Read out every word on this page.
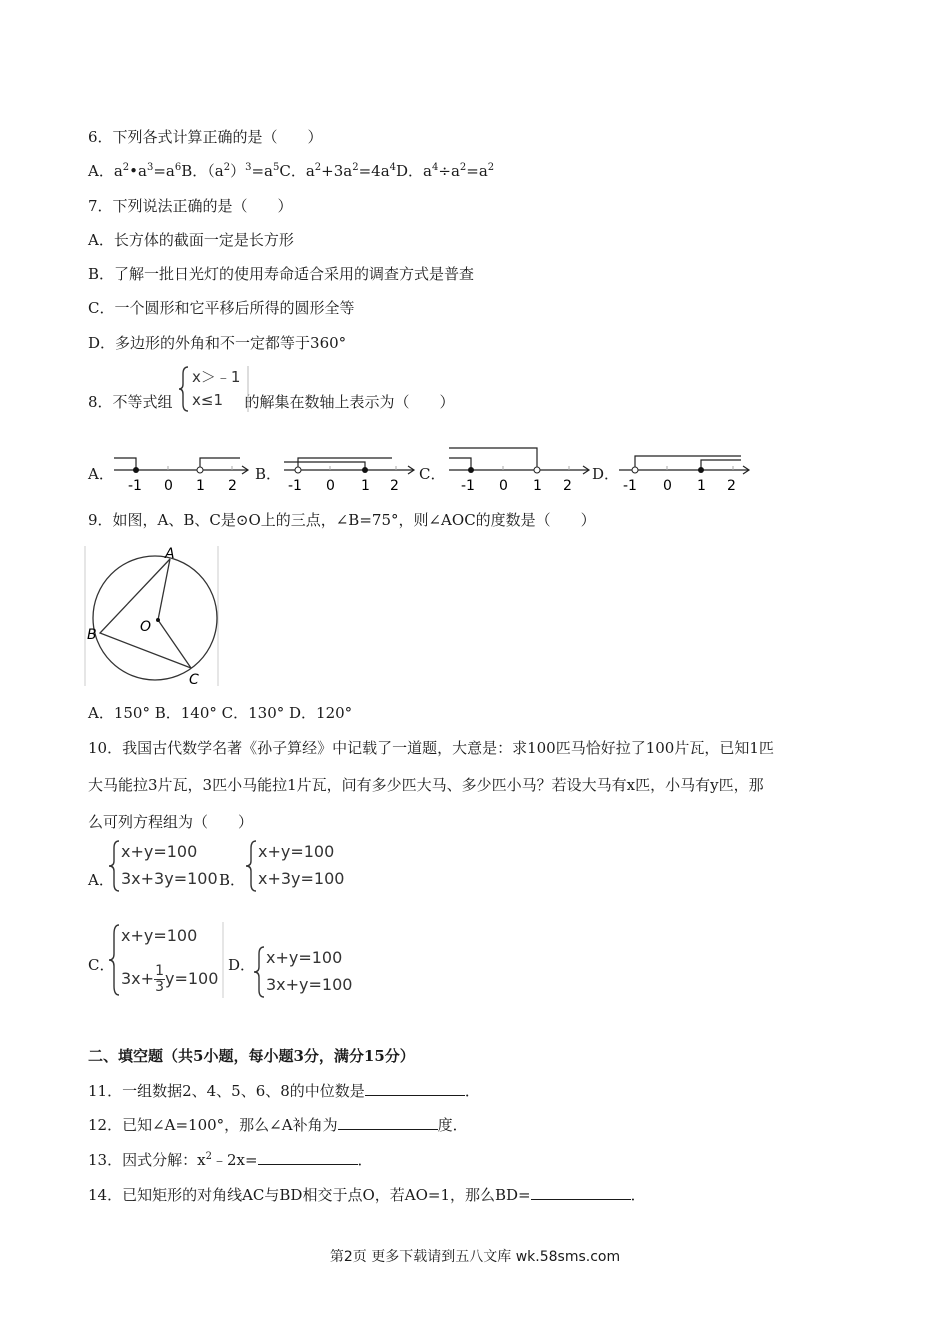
6．下列各式计算正确的是（　　）
A．$a^2•a^3=a^6B$．$(a^2)^3=a^5C$．$a^2+3a^2=4a^4D$．$a^4\div a^2=a^2$
7．下列说法正确的是（　　）
A．长方体的截面一定是长方形
B．了解一批日光灯的使用寿命适合采用的调查方式是普查
C．一个圆形和它平移后所得的圆形全等
D．多边形的外角和不一定都等于360°
8．不等式组	的解集在数轴上表示为（　　）
x＞﹣1
x≤1
A．	B．	C．	D．
-1 0 1 2	-1 0 1 2	-1 0 1 2	-1 0 1 2
9．如图，A、B、C是⊙O上的三点，∠B=75°，则∠AOC的度数是（　　）
A
B
C
O
A．150° B．140° C．130° D．120°
10．我国古代数学名著《孙子算经》中记载了一道题，大意是：求100匹马恰好拉了100片瓦，已知1匹
大马能拉3片瓦，3匹小马能拉1片瓦，问有多少匹大马、多少匹小马？若设大马有x匹，小马有y匹，那
么可列方程组为（　　）
A．
x+y=100
3x+3y=100 B．
x+y=100
x+3y=100
C．
x+y=100
$3x+ \frac{1}{3} y=100$
D． x+y=100
3x+y=100
二、填空题（共5小题，每小题3分，满分15分）
11．一组数据2、4、5、6、8的中位数是	．
12．已知∠A=100°，那么∠A补角为	度．
13．因式分解：$x^2﹣2x=$	．
14．已知矩形的对角线AC与BD相交于点O，若AO=1，那么BD=	．
第2页 更多下载请到五八文库 wk.58sms.com
